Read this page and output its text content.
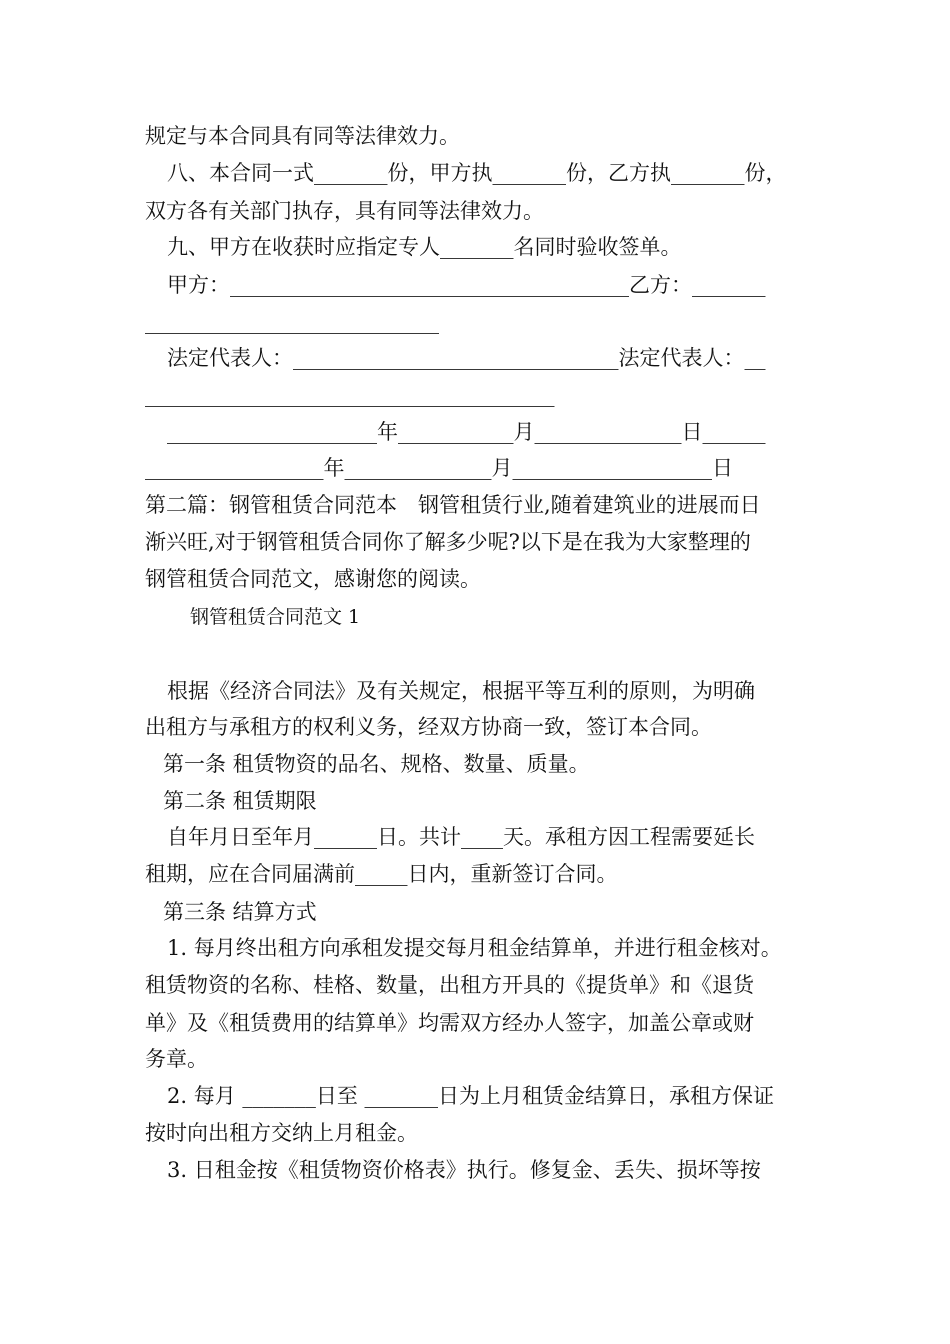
规定与本合同具有同等法律效力。
八、本合同一式_______份，甲方执_______份，乙方执_______份，
双方各有关部门执存，具有同等法律效力。
九、甲方在收获时应指定专人_______名同时验收签单。
甲方：______________________________________乙方：_______
____________________________
法定代表人：_______________________________法定代表人：__
_______________________________________
____________________年___________月______________日______
_________________年______________月___________________日
第二篇：钢管租赁合同范本　钢管租赁行业,随着建筑业的进展而日
渐兴旺,对于钢管租赁合同你了解多少呢?以下是在我为大家整理的
钢管租赁合同范文，感谢您的阅读。
钢管租赁合同范文 1
根据《经济合同法》及有关规定，根据平等互利的原则，为明确
出租方与承租方的权利义务，经双方协商一致，签订本合同。
第一条 租赁物资的品名、规格、数量、质量。
第二条 租赁期限
自年月日至年月______日。共计____天。承租方因工程需要延长
租期，应在合同届满前_____日内，重新签订合同。
第三条 结算方式
1. 每月终出租方向承租发提交每月租金结算单，并进行租金核对。
租赁物资的名称、桂格、数量，出租方开具的《提货单》和《退货
单》及《租赁费用的结算单》均需双方经办人签字，加盖公章或财
务章。
2. 每月 _______日至 _______日为上月租赁金结算日，承租方保证
按时向出租方交纳上月租金。
3. 日租金按《租赁物资价格表》执行。修复金、丢失、损坏等按
